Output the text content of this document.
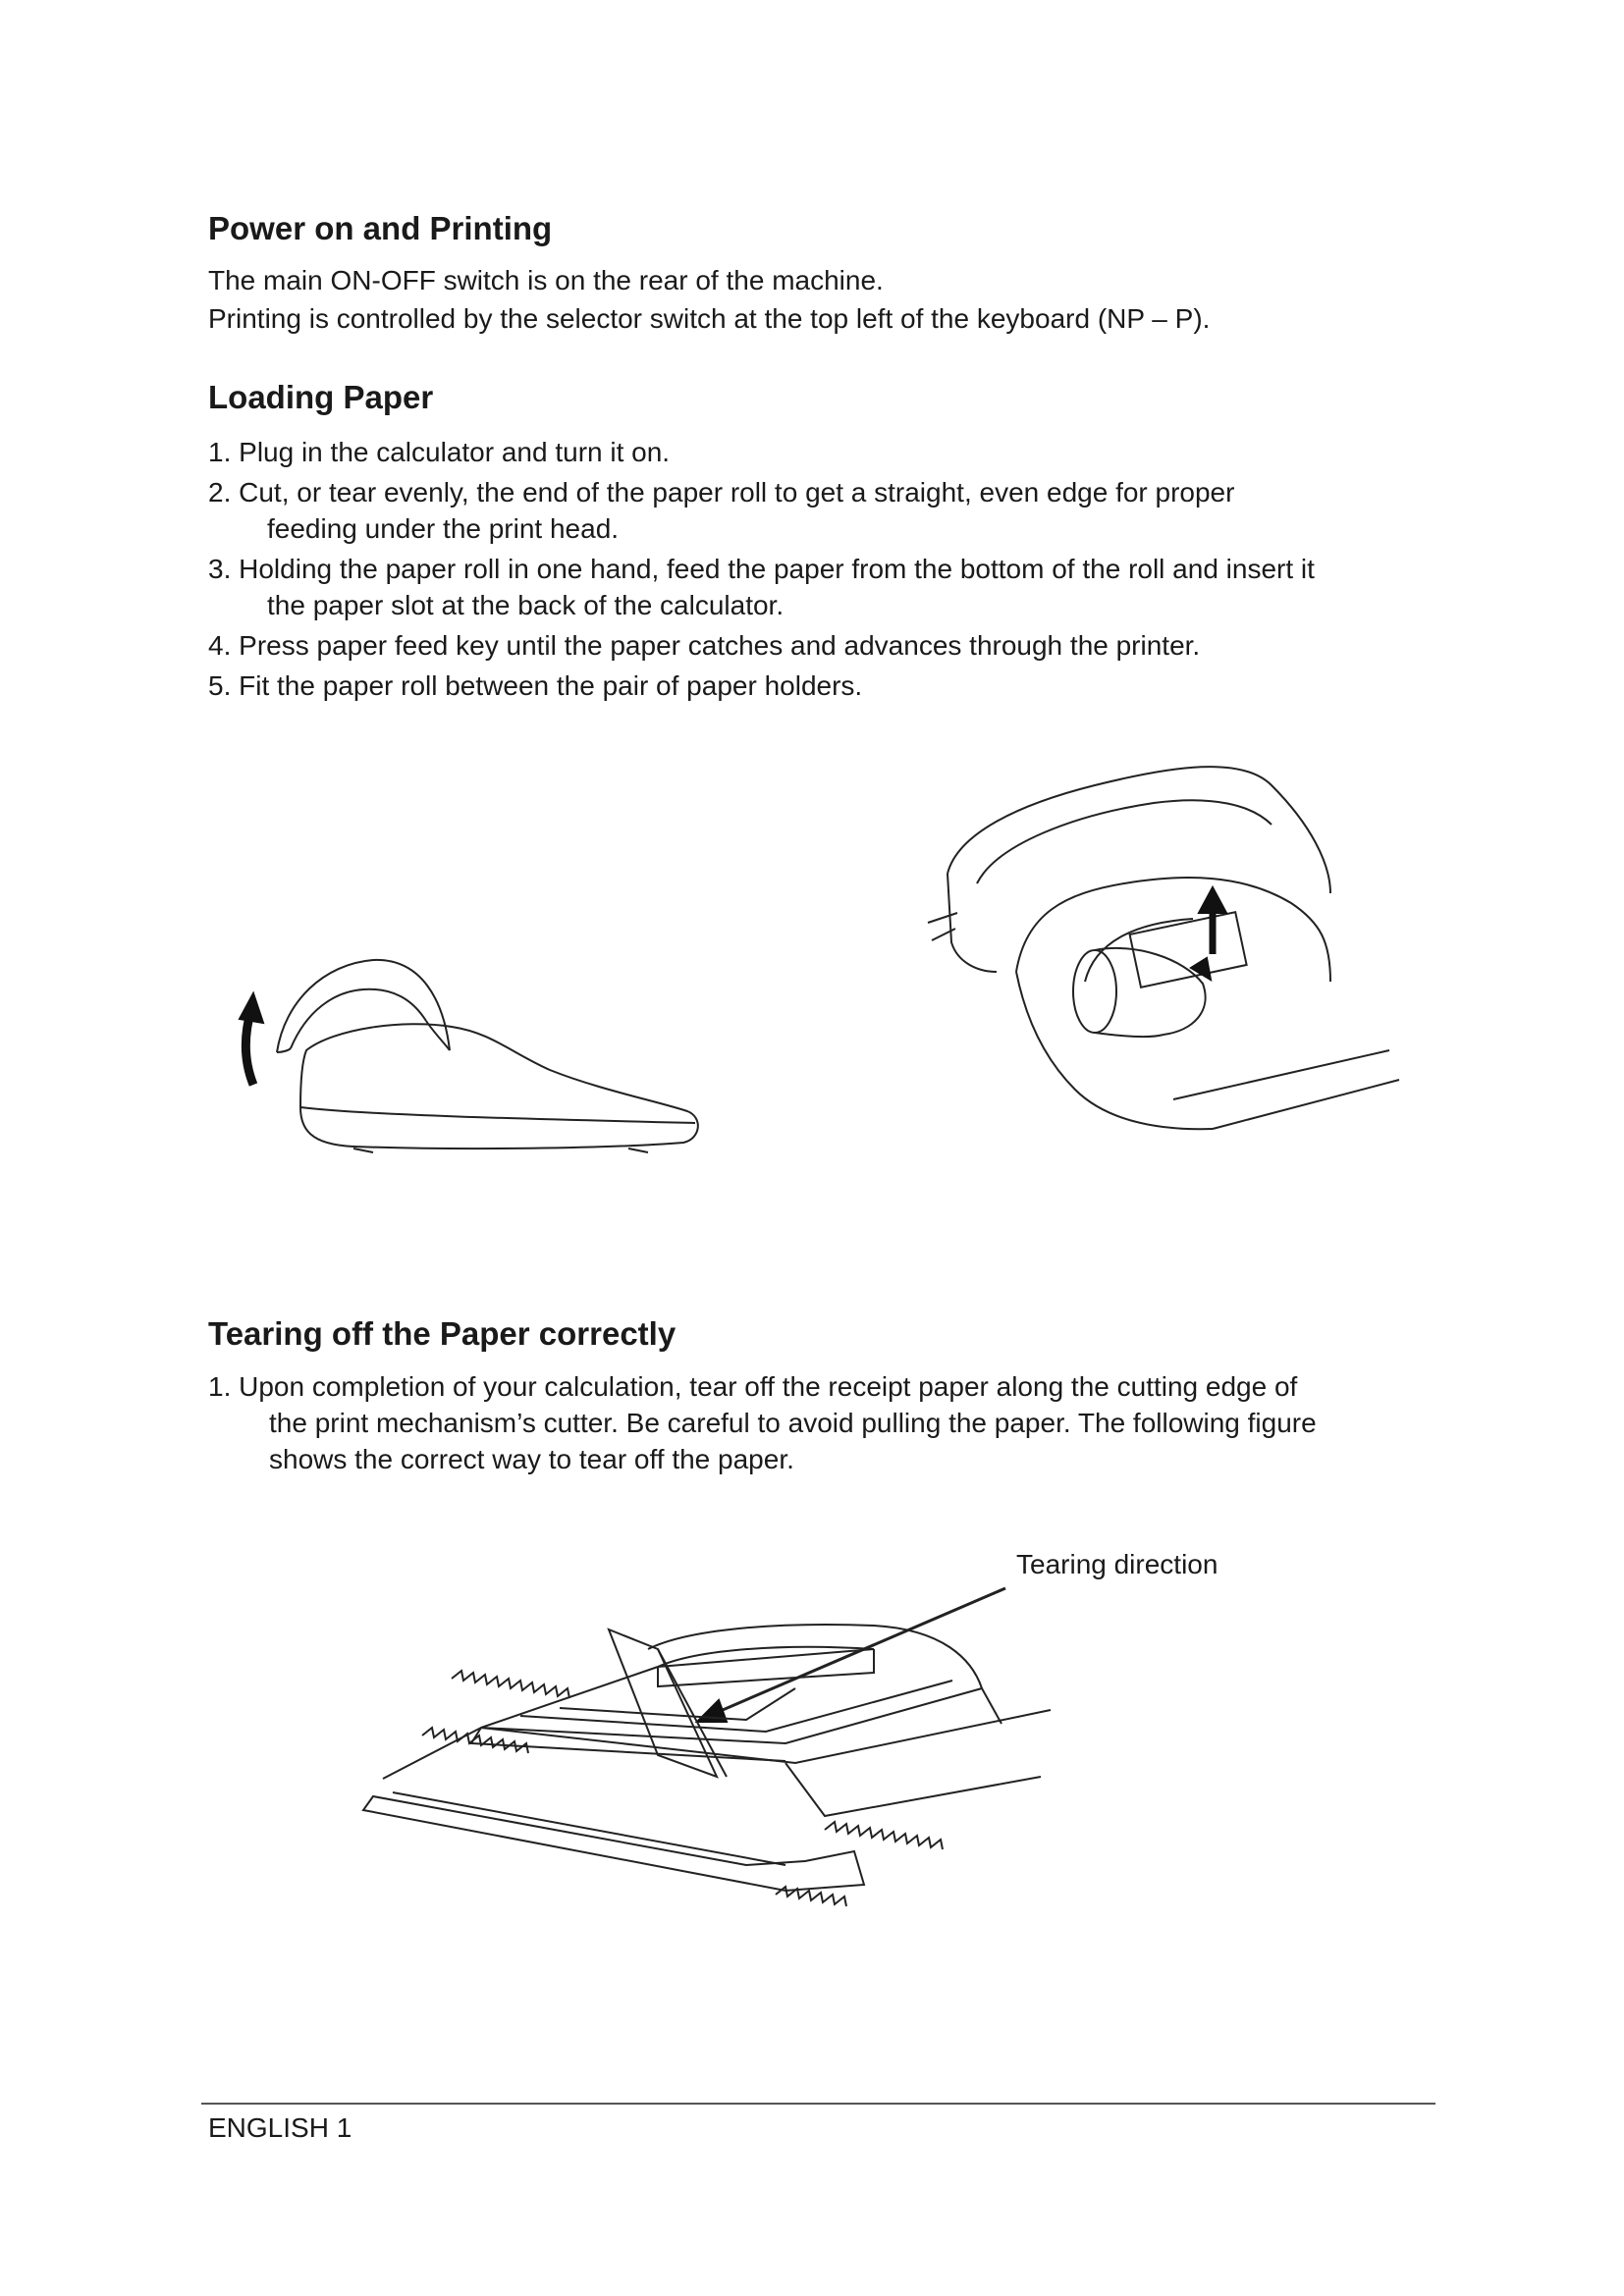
Power on and Printing

The main ON-OFF switch is on the rear of the machine.

Printing is controlled by the selector switch at the top left of the keyboard (NP – P).

Loading Paper
1. Plug in the calculator and turn it on.
2. Cut, or tear evenly, the end of the paper roll to get a straight, even edge for proper
feeding under the print head.
3. Holding the paper roll in one hand, feed the paper from the bottom of the roll and insert it
the paper slot at the back of the calculator.
4. Press paper feed key until the paper catches and advances through the printer.
5. Fit the paper roll between the pair of paper holders.
Tearing off the Paper correctly
1. Upon completion of your calculation, tear off the receipt paper along the cutting edge of
the print mechanism’s cutter. Be careful to avoid pulling the paper. The following figure
shows the correct way to tear off the paper.
Tearing direction
ENGLISH 1
